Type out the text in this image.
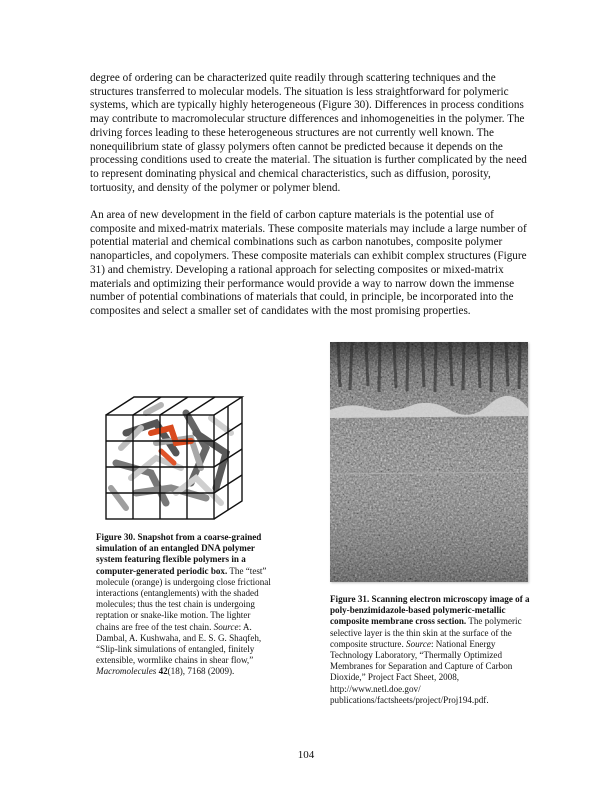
degree of ordering can be characterized quite readily through scattering techniques and the structures transferred to molecular models. The situation is less straightforward for polymeric systems, which are typically highly heterogeneous (Figure 30). Differences in process conditions may contribute to macromolecular structure differences and inhomogeneities in the polymer. The driving forces leading to these heterogeneous structures are not currently well known. The nonequilibrium state of glassy polymers often cannot be predicted because it depends on the processing conditions used to create the material. The situation is further complicated by the need to represent dominating physical and chemical characteristics, such as diffusion, porosity, tortuosity, and density of the polymer or polymer blend.

An area of new development in the field of carbon capture materials is the potential use of composite and mixed-matrix materials. These composite materials may include a large number of potential material and chemical combinations such as carbon nanotubes, composite polymer nanoparticles, and copolymers. These composite materials can exhibit complex structures (Figure 31) and chemistry. Developing a rational approach for selecting composites or mixed-matrix materials and optimizing their performance would provide a way to narrow down the immense number of potential combinations of materials that could, in principle, be incorporated into the composites and select a smaller set of candidates with the most promising properties.

Figure 30. Snapshot from a coarse-grained simulation of an entangled DNA polymer system featuring flexible polymers in a computer-generated periodic box. The “test” molecule (orange) is undergoing close frictional interactions (entanglements) with the shaded molecules; thus the test chain is undergoing reptation or snake-like motion. The lighter chains are free of the test chain. Source: A. Dambal, A. Kushwaha, and E. S. G. Shaqfeh, “Slip-link simulations of entangled, finitely extensible, wormlike chains in shear flow,” Macromolecules 42(18), 7168 (2009).

Figure 31. Scanning electron microscopy image of a poly-benzimidazole-based polymeric-metallic composite membrane cross section. The polymeric selective layer is the thin skin at the surface of the composite structure. Source: National Energy Technology Laboratory, “Thermally Optimized Membranes for Separation and Capture of Carbon Dioxide,” Project Fact Sheet, 2008, http://www.netl.doe.gov/ publications/factsheets/project/Proj194.pdf.

104
